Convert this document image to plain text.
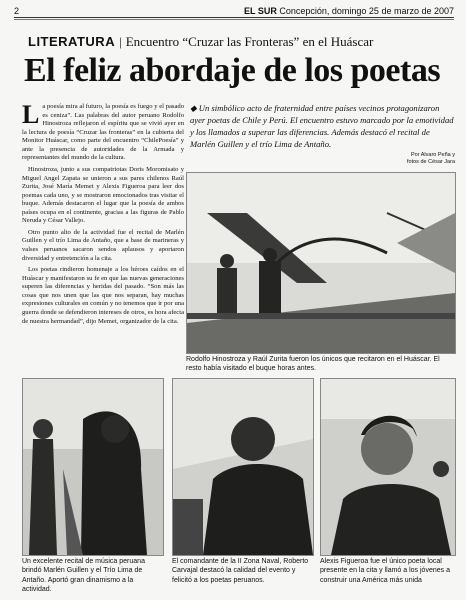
2	EL SUR Concepción, domingo 25 de marzo de 2007
LITERATURA | Encuentro “Cruzar las Fronteras” en el Huáscar
El feliz abordaje de los poetas

La poesía mira al futuro, la poesía es fuego y el pasado es ceniza”. Las palabras del autor peruano Rodolfo Hinostroza reflejaron el espíritu que se vivió ayer en la lectura de poesía “Cruzar las fronteras” en la cubierta del Monitor Huáscar, como parte del encuentro “ChilePoesía” y ante la presencia de autoridades de la Armada y representantes del mundo de la cultura.

Hinostroza, junto a sus compatriotas Doris Moromisato y Miguel Angel Zapata se unieron a sus pares chilenos Raúl Zurita, José María Memet y Alexis Figueroa para leer dos poemas cada uno, y se mostraron emocionados tras visitar el buque. Además destacaron el lugar que la poesía de ambos países ocupa en el continente, gracias a las figuras de Pablo Neruda y César Vallejo.

Otro punto alto de la actividad fue el recital de Marlén Guillen y el trío Lima de Antaño, que a base de marineras y valses peruanos sacaron sendos aplausos y aportaron diversidad y entretención a la cita.

Los poetas rindieron homenaje a los héroes caídos en el Huáscar y manifestaron su fe en que las nuevas generaciones superen las diferencias y heridas del pasado. “Son más las cosas que nos unen que las que nos separan, hay muchas expresiones culturales en común y no tenemos que ir por una guerra donde se defendieron intereses de otros, es hora afecta de nuestra hermandad”, dijo Memet, organizador de la cita.

◆ Un simbólico acto de fraternidad entre países vecinos protagonizaron ayer poetas de Chile y Perú. El encuentro estuvo marcado por la emotividad y los llamados a superar las diferencias. Además destacó el recital de Marlén Guillen y el trío Lima de Antaño.
Por Alvaro Peña y
fotos de César Jara
Rodolfo Hinostroza y Raúl Zurita fueron los únicos que recitaron en el Huáscar. El resto había visitado el buque horas antes.
Un excelente recital de música peruana brindó Marlén Guillen y el Trío Lima de Antaño. Aportó gran dinamismo a la actividad.
El comandante de la II Zona Naval, Roberto Carvajal destacó la calidad del evento y felicitó a los poetas peruanos.
Alexis Figueroa fue el único poeta local presente en la cita y llamó a los jóvenes a construir una América más unida
